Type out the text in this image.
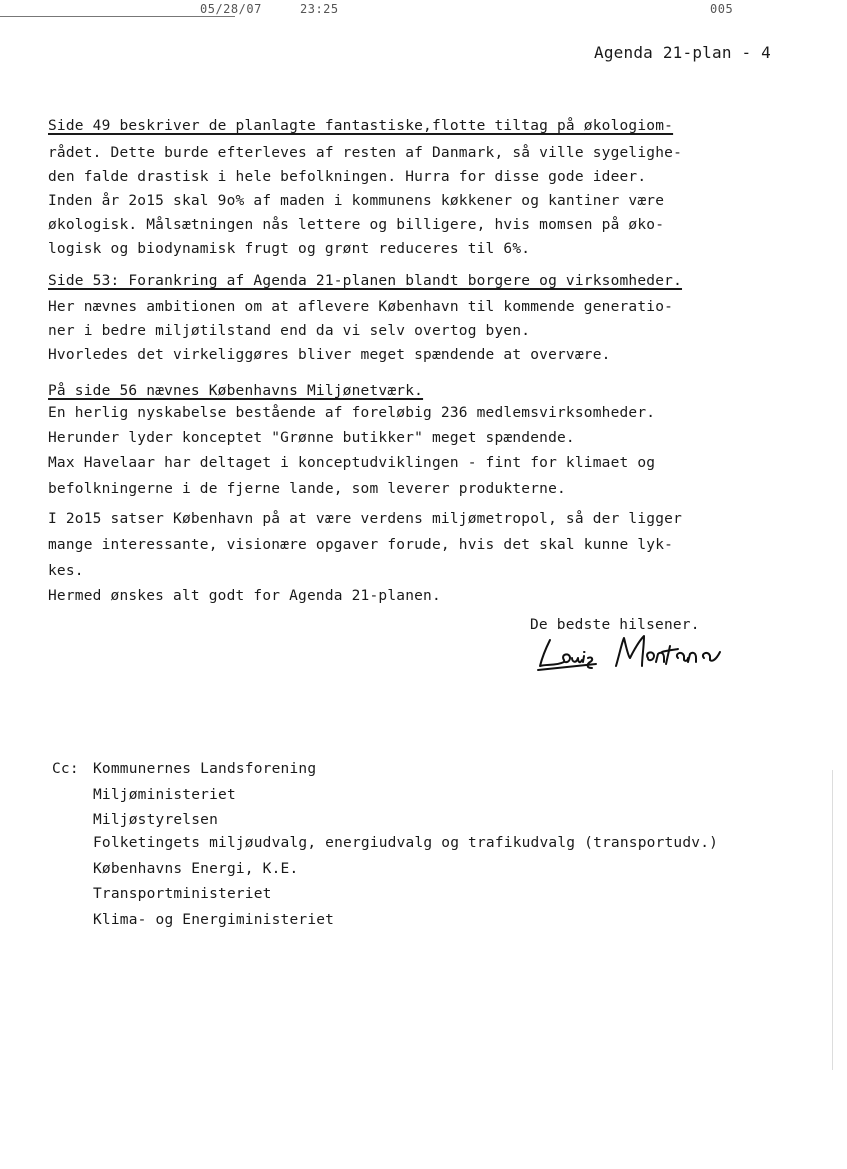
05/28/07	23:25	005
Agenda 21-plan - 4
Side 49 beskriver de planlagte fantastiske,flotte tiltag på økologiom-
rådet. Dette burde efterleves af resten af Danmark, så ville sygelighe-
den falde drastisk i hele befolkningen. Hurra for disse gode ideer.
Inden år 2o15 skal 9o% af maden i kommunens køkkener og kantiner være
økologisk. Målsætningen nås lettere og billigere, hvis momsen på øko-
logisk og biodynamisk frugt og grønt reduceres til 6%.
Side 53: Forankring af Agenda 21-planen blandt borgere og virksomheder.
Her nævnes ambitionen om at aflevere København til kommende generatio-
ner i bedre miljøtilstand end da vi selv overtog byen.
Hvorledes det virkeliggøres bliver meget spændende at overvære.
På side 56 nævnes Københavns Miljønetværk.
En herlig nyskabelse bestående af foreløbig 236 medlemsvirksomheder.
Herunder lyder konceptet "Grønne butikker" meget spændende.
Max Havelaar har deltaget i konceptudviklingen - fint for klimaet og
befolkningerne i de fjerne lande, som leverer produkterne.
I 2o15 satser København på at være verdens miljømetropol, så der ligger
mange interessante, visionære opgaver forude, hvis det skal kunne lyk-
kes.
Hermed ønskes alt godt for Agenda 21-planen.
De bedste hilsener.
Cc: Kommunernes Landsforening
Miljøministeriet
Miljøstyrelsen
Folketingets miljøudvalg, energiudvalg og trafikudvalg (transportudv.)
Københavns Energi, K.E.
Transportministeriet
Klima- og Energiministeriet
